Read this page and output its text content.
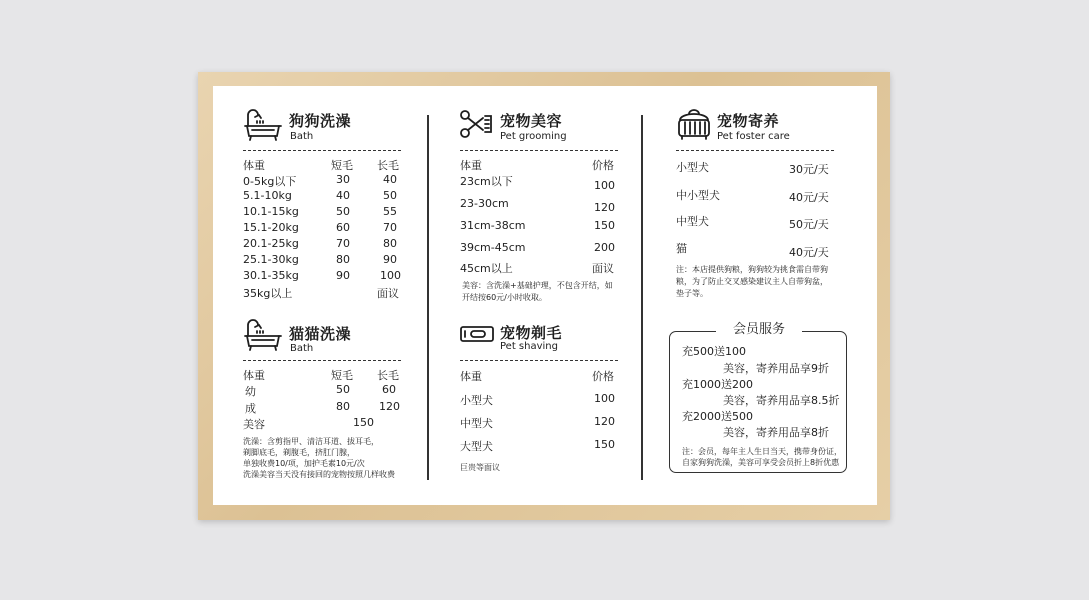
狗狗洗澡
Bath
体重	短毛 长毛
0-5kg以下	30	40
5.1-10kg	40	50
10.1-15kg	50	55
15.1-20kg	60	70
20.1-25kg	70	80
25.1-30kg	80	90
30.1-35kg	90	100
35kg以上	面议
猫猫洗澡
Bath
体重	短毛 长毛
幼	50	60
成	80	120
美容	150
洗澡：含剪指甲、清洁耳道、拔耳毛，
剃脚底毛，剃腹毛，挤肛门腺，
单独收费10/项，加护毛素10元/次
洗澡美容当天没有接回的宠物按照几样收费
宠物美容
Pet grooming
体重	价格
23cm以下	100
23-30cm	120
31cm-38cm	150
39cm-45cm	200
45cm以上	面议
美容：含洗澡+基础护理，不包含开结，如
开结按60元/小时收取。
宠物剃毛
Pet shaving
体重	价格
小型犬	100
中型犬	120
大型犬	150
巨贵等面议
宠物寄养
Pet foster care
小型犬	30元/天
中小型犬	40元/天
中型犬	50元/天
猫	40元/天
注：本店提供狗粮，狗狗较为挑食需自带狗
粮，为了防止交叉感染建议主人自带狗盆，
垫子等。
会员服务
充500送100
美容，寄养用品享9折
充1000送200
美容，寄养用品享8.5折
充2000送500
美容，寄养用品享8折
注：会员，每年主人生日当天，携带身份证，
自家狗狗洗澡，美容可享受会员折上8折优惠
